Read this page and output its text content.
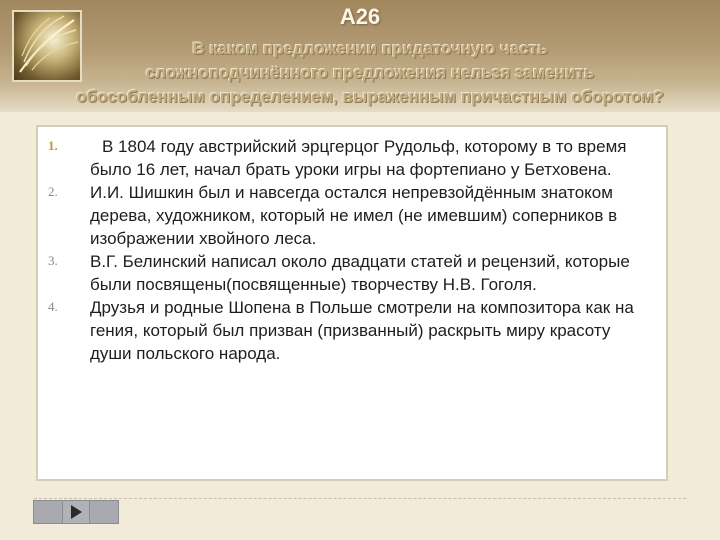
А26
В каком предложении придаточную часть
сложноподчинённого предложения нельзя заменить
обособленным определением, выраженным причастным оборотом?
1.	В 1804 году австрийский эрцгерцог Рудольф, которому в то время было 16 лет, начал брать уроки игры на фортепиано у Бетховена.
2.	И.И. Шишкин был и навсегда остался непревзойдённым знатоком дерева, художником, который не имел (не имевшим) соперников в изображении хвойного леса.
3.	В.Г. Белинский написал около двадцати статей и рецензий, которые были посвящены(посвященные) творчеству Н.В. Гоголя.
4.	Друзья и родные Шопена в Польше смотрели на композитора как на гения, который был призван (призванный) раскрыть миру красоту души польского народа.
